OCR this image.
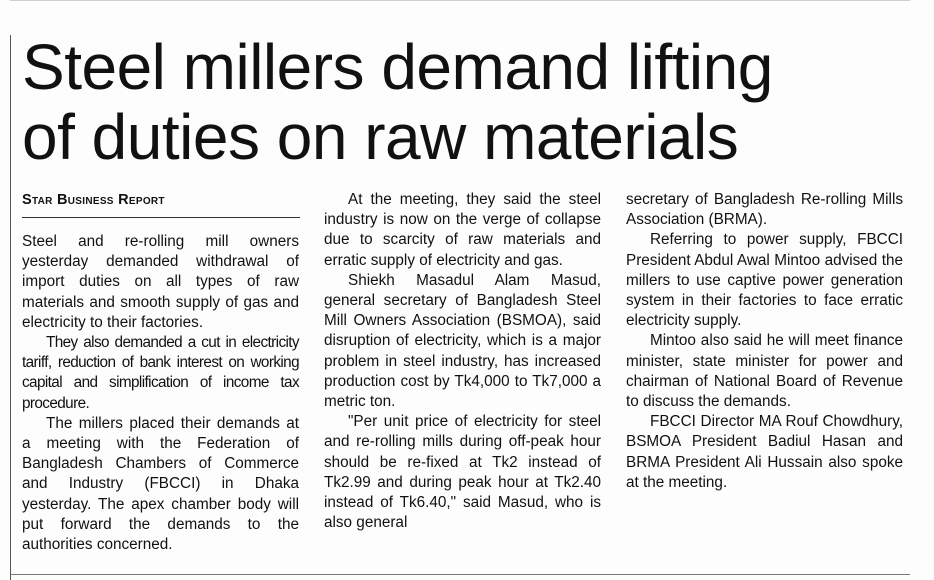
Steel millers demand lifting
of duties on raw materials
Star Business Report

Steel and re-rolling mill owners yesterday demanded withdrawal of import duties on all types of raw materials and smooth supply of gas and electricity to their factories.

They also demanded a cut in electricity tariff, reduction of bank interest on working capital and simplification of income tax procedure.

The millers placed their demands at a meeting with the Federation of Bangladesh Chambers of Commerce and Industry (FBCCI) in Dhaka yesterday. The apex chamber body will put forward the demands to the authorities concerned.

At the meeting, they said the steel industry is now on the verge of collapse due to scarcity of raw materials and erratic supply of electricity and gas.

Shiekh Masadul Alam Masud, general secretary of Bangladesh Steel Mill Owners Association (BSMOA), said disruption of electricity, which is a major problem in steel industry, has increased production cost by Tk4,000 to Tk7,000 a metric ton.

"Per unit price of electricity for steel and re-rolling mills during off-peak hour should be re-fixed at Tk2 instead of Tk2.99 and during peak hour at Tk2.40 instead of Tk6.40," said Masud, who is also general

secretary of Bangladesh Re-rolling Mills Association (BRMA).

Referring to power supply, FBCCI President Abdul Awal Mintoo advised the millers to use captive power generation system in their factories to face erratic electricity supply.

Mintoo also said he will meet finance minister, state minister for power and chairman of National Board of Revenue to discuss the demands.

FBCCI Director MA Rouf Chowdhury, BSMOA President Badiul Hasan and BRMA President Ali Hussain also spoke at the meeting.
